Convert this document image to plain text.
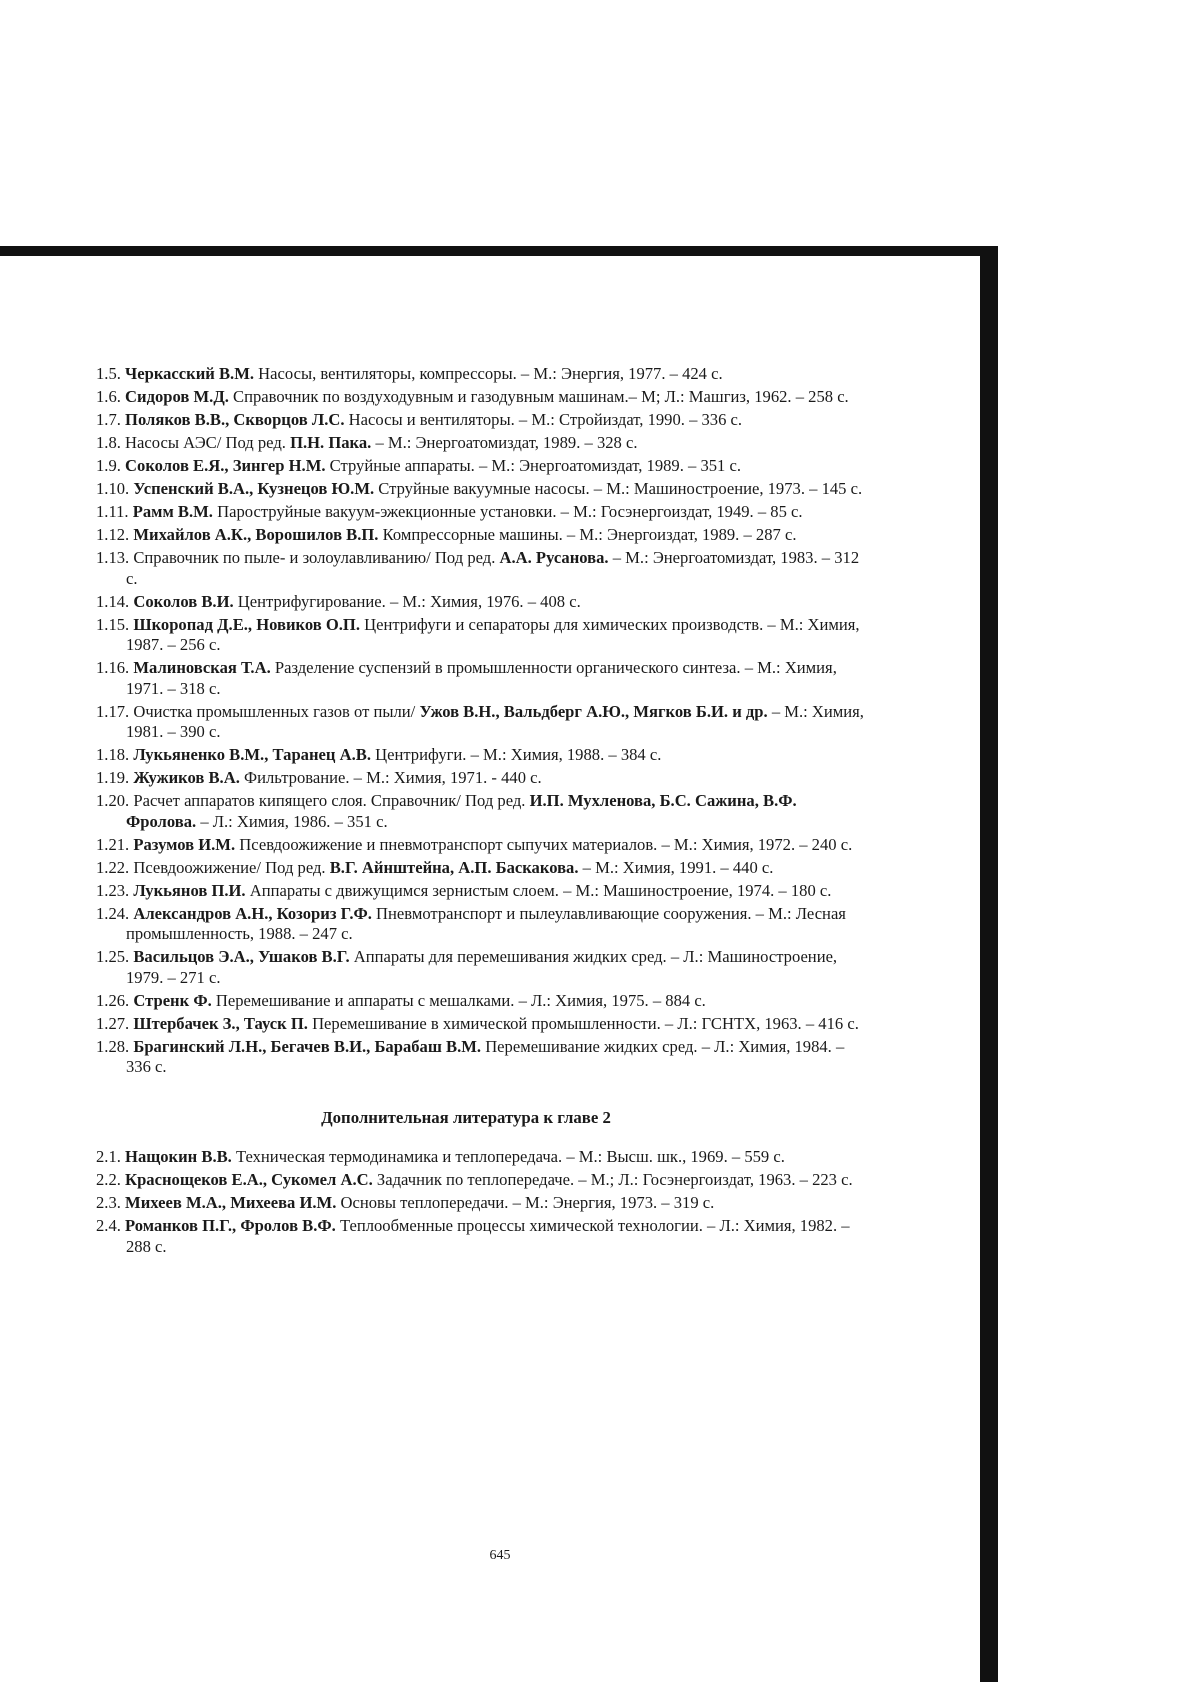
1.5. Черкасский В.М. Насосы, вентиляторы, компрессоры. – М.: Энергия, 1977. – 424 с.
1.6. Сидоров М.Д. Справочник по воздуходувным и газодувным машинам.– М; Л.: Машгиз, 1962. – 258 с.
1.7. Поляков В.В., Скворцов Л.С. Насосы и вентиляторы. – М.: Стройиздат, 1990. – 336 с.
1.8. Насосы АЭС/ Под ред. П.Н. Пака. – М.: Энергоатомиздат, 1989. – 328 с.
1.9. Соколов Е.Я., Зингер Н.М. Струйные аппараты. – М.: Энергоатомиздат, 1989. – 351 с.
1.10. Успенский В.А., Кузнецов Ю.М. Струйные вакуумные насосы. – М.: Машиностроение, 1973. – 145 с.
1.11. Рамм В.М. Пароструйные вакуум-эжекционные установки. – М.: Госэнергоиздат, 1949. – 85 с.
1.12. Михайлов А.К., Ворошилов В.П. Компрессорные машины. – М.: Энергоиздат, 1989. – 287 с.
1.13. Справочник по пыле- и золоулавливанию/ Под ред. А.А. Русанова. – М.: Энергоатомиздат, 1983. – 312 с.
1.14. Соколов В.И. Центрифугирование. – М.: Химия, 1976. – 408 с.
1.15. Шкоропад Д.Е., Новиков О.П. Центрифуги и сепараторы для химических производств. – М.: Химия, 1987. – 256 с.
1.16. Малиновская Т.А. Разделение суспензий в промышленности органического синтеза. – М.: Химия, 1971. – 318 с.
1.17. Очистка промышленных газов от пыли/ Ужов В.Н., Вальдберг А.Ю., Мягков Б.И. и др. – М.: Химия, 1981. – 390 с.
1.18. Лукьяненко В.М., Таранец А.В. Центрифуги. – М.: Химия, 1988. – 384 с.
1.19. Жужиков В.А. Фильтрование. – М.: Химия, 1971. - 440 с.
1.20. Расчет аппаратов кипящего слоя. Справочник/ Под ред. И.П. Мухленова, Б.С. Сажина, В.Ф. Фролова. – Л.: Химия, 1986. – 351 с.
1.21. Разумов И.М. Псевдоожижение и пневмотранспорт сыпучих материалов. – М.: Химия, 1972. – 240 с.
1.22. Псевдоожижение/ Под ред. В.Г. Айнштейна, А.П. Баскакова. – М.: Химия, 1991. – 440 с.
1.23. Лукьянов П.И. Аппараты с движущимся зернистым слоем. – М.: Машиностроение, 1974. – 180 с.
1.24. Александров А.Н., Козориз Г.Ф. Пневмотранспорт и пылеулавливающие сооружения. – М.: Лесная промышленность, 1988. – 247 с.
1.25. Васильцов Э.А., Ушаков В.Г. Аппараты для перемешивания жидких сред. – Л.: Машиностроение, 1979. – 271 с.
1.26. Стренк Ф. Перемешивание и аппараты с мешалками. – Л.: Химия, 1975. – 884 с.
1.27. Штербачек З., Тауск П. Перемешивание в химической промышленности. – Л.: ГСНТХ, 1963. – 416 с.
1.28. Брагинский Л.Н., Бегачев В.И., Барабаш В.М. Перемешивание жидких сред. – Л.: Химия, 1984. – 336 с.
Дополнительная литература к главе 2
2.1. Нащокин В.В. Техническая термодинамика и теплопередача. – М.: Высш. шк., 1969. – 559 с.
2.2. Краснощеков Е.А., Сукомел А.С. Задачник по теплопередаче. – М.; Л.: Госэнергоиздат, 1963. – 223 с.
2.3. Михеев М.А., Михеева И.М. Основы теплопередачи. – М.: Энергия, 1973. – 319 с.
2.4. Романков П.Г., Фролов В.Ф. Теплообменные процессы химической технологии. – Л.: Химия, 1982. – 288 с.
645
